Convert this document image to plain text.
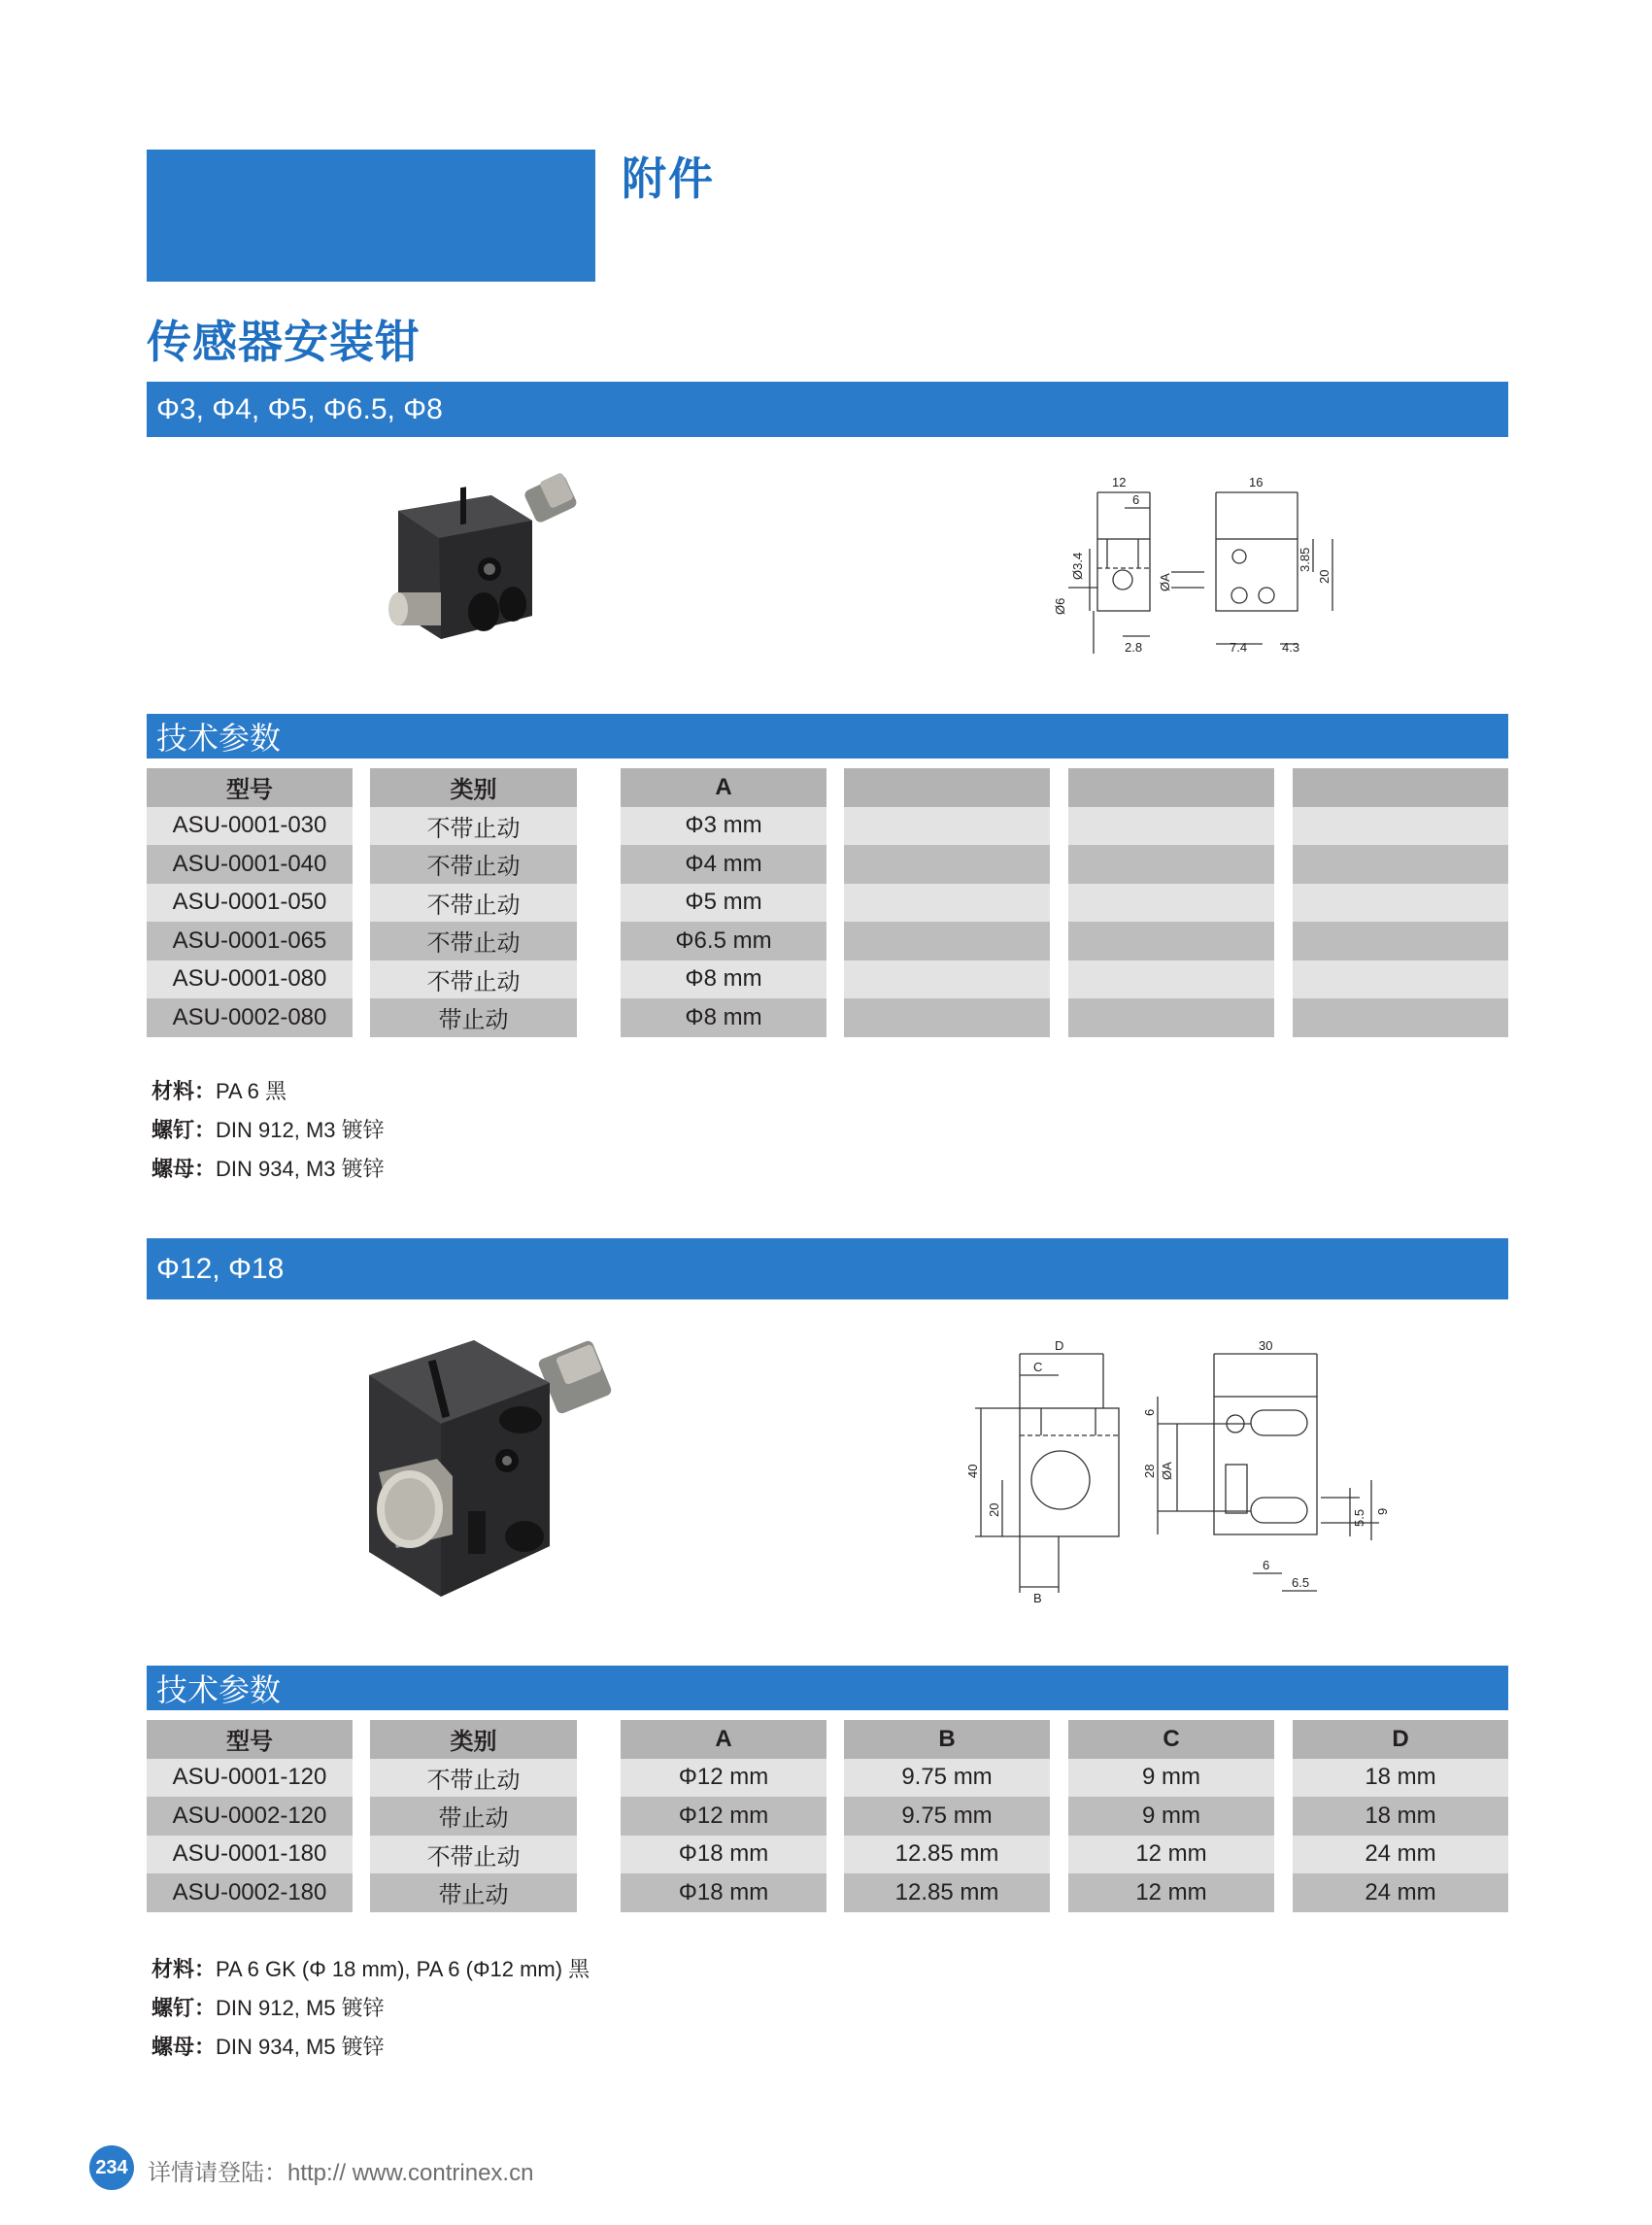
附件
传感器安装钳
Φ3, Φ4, Φ5, Φ6.5, Φ8
12
6
16
Ø3.4
Ø6
ØA
3.85
20
2.8	7.4	4.3
技术参数
型号	类别	A
ASU-0001-030	不带止动	Φ3 mm
ASU-0001-040	不带止动	Φ4 mm
ASU-0001-050	不带止动	Φ5 mm
ASU-0001-065	不带止动	Φ6.5 mm
ASU-0001-080	不带止动	Φ8 mm
ASU-0002-080	带止动	Φ8 mm
材料：PA 6 黑
螺钉：DIN 912, M3 镀锌
螺母：DIN 934, M3 镀锌
Φ12, Φ18
D
C
40
20
B
6
28 ØA
30
5.5 9
6
6.5
技术参数
型号	类别	A	B	C	D
ASU-0001-120	不带止动	Φ12 mm	9.75 mm	9 mm	18 mm
ASU-0002-120	带止动	Φ12 mm	9.75 mm	9 mm	18 mm
ASU-0001-180	不带止动	Φ18 mm	12.85 mm	12 mm	24 mm
ASU-0002-180	带止动	Φ18 mm	12.85 mm	12 mm	24 mm
材料：PA 6 GK (Φ 18 mm), PA 6 (Φ12 mm) 黑
螺钉：DIN 912, M5 镀锌
螺母：DIN 934, M5 镀锌
234 详情请登陆：http:// www.contrinex.cn
